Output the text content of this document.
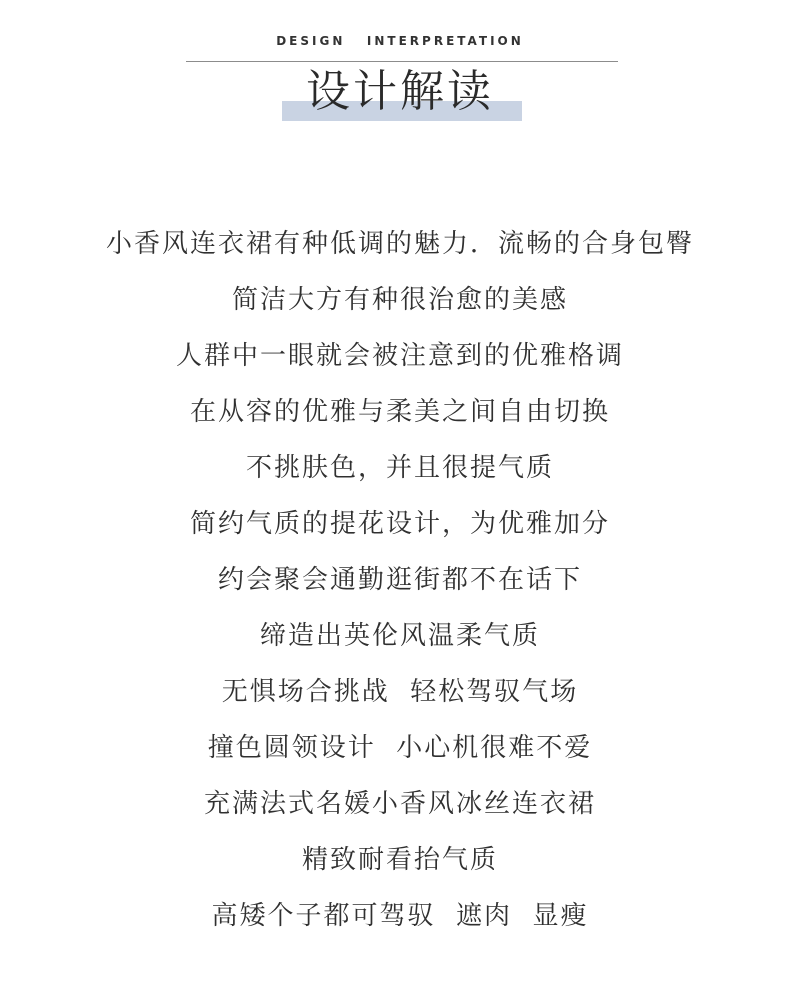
DESIGN   INTERPRETATION
设计解读
小香风连衣裙有种低调的魅力．流畅的合身包臀
简洁大方有种很治愈的美感
人群中一眼就会被注意到的优雅格调
在从容的优雅与柔美之间自由切换
不挑肤色，并且很提气质
简约气质的提花设计，为优雅加分
约会聚会通勤逛街都不在话下
缔造出英伦风温柔气质
无惧场合挑战  轻松驾驭气场
撞色圆领设计  小心机很难不爱
充满法式名媛小香风冰丝连衣裙
精致耐看抬气质
高矮个子都可驾驭  遮肉  显瘦
